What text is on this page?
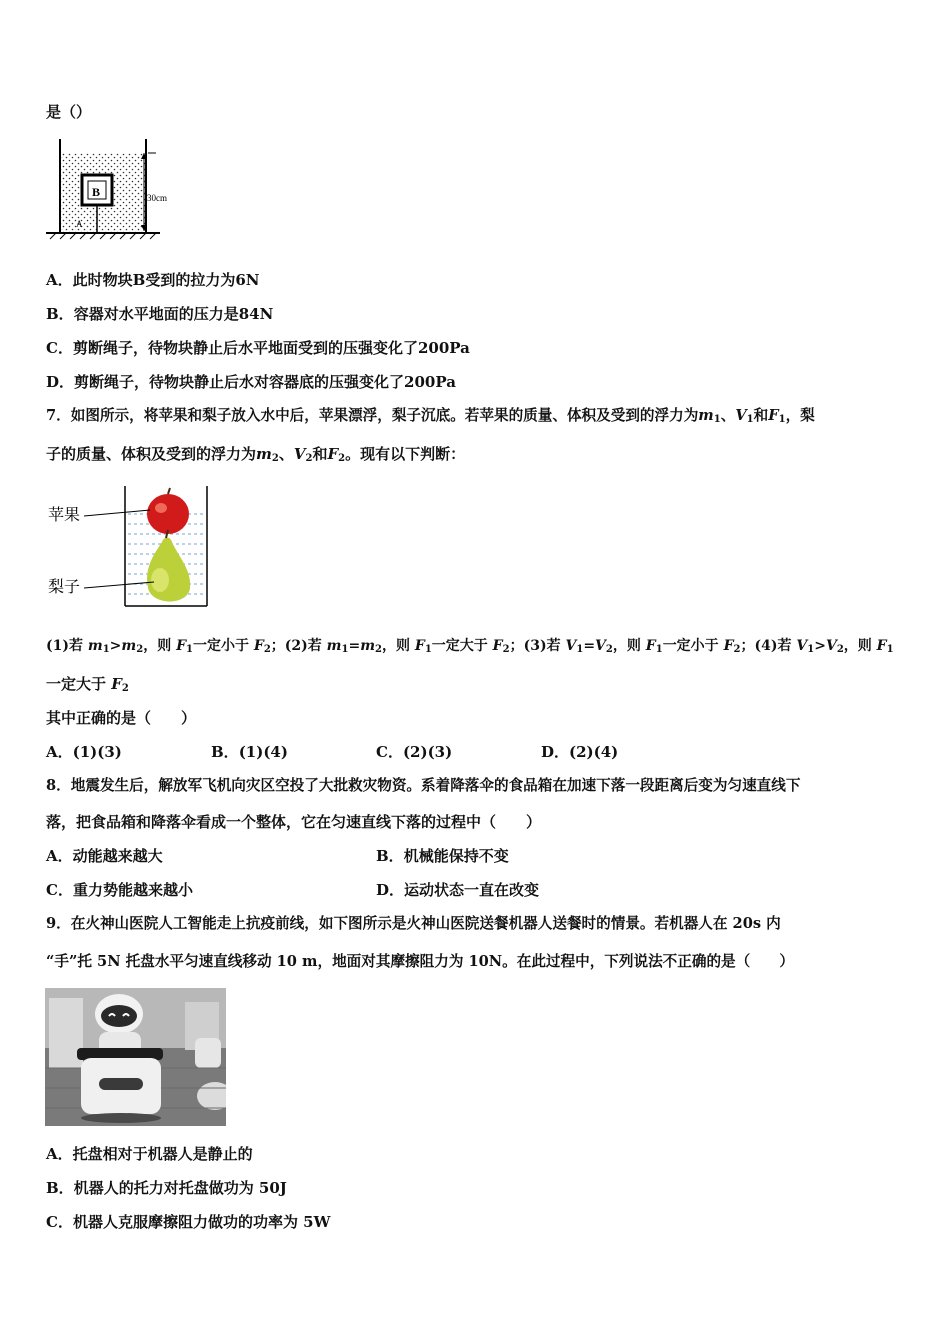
是（）
B
A
30cm
A．此时物块B受到的拉力为6N
B．容器对水平地面的压力是84N
C．剪断绳子，待物块静止后水平地面受到的压强变化了200Pa
D．剪断绳子，待物块静止后水对容器底的压强变化了200Pa
7．如图所示，将苹果和梨子放入水中后，苹果漂浮，梨子沉底。若苹果的质量、体积及受到的浮力为$m_1$、$V_1$和$F_1$，梨
子的质量、体积及受到的浮力为$m_2$、$V_2$和$F_2$。现有以下判断：
苹果
梨子
(1)若 $m_1>m_2$，则 $F_1$一定小于 $F_2$；(2)若 $m_1=m_2$，则 $F_1$一定大于 $F_2$；(3)若 $V_1=V_2$，则 $F_1$一定小于 $F_2$；(4)若 $V_1>V_2$，则 $F_1$
一定大于 $F_2$
其中正确的是（　　）
A．(1)(3)	B．(1)(4)	C．(2)(3)	D．(2)(4)
8．地震发生后，解放军飞机向灾区空投了大批救灾物资。系着降落伞的食品箱在加速下落一段距离后变为匀速直线下
落，把食品箱和降落伞看成一个整体，它在匀速直线下落的过程中（　　）
A．动能越来越大	B．机械能保持不变
C．重力势能越来越小	D．运动状态一直在改变
9．在火神山医院人工智能走上抗疫前线，如下图所示是火神山医院送餐机器人送餐时的情景。若机器人在 20s 内
“手”托 5N 托盘水平匀速直线移动 10 m，地面对其摩擦阻力为 10N。在此过程中，下列说法不正确的是（　　）
A．托盘相对于机器人是静止的
B．机器人的托力对托盘做功为 50J
C．机器人克服摩擦阻力做功的功率为 5W
